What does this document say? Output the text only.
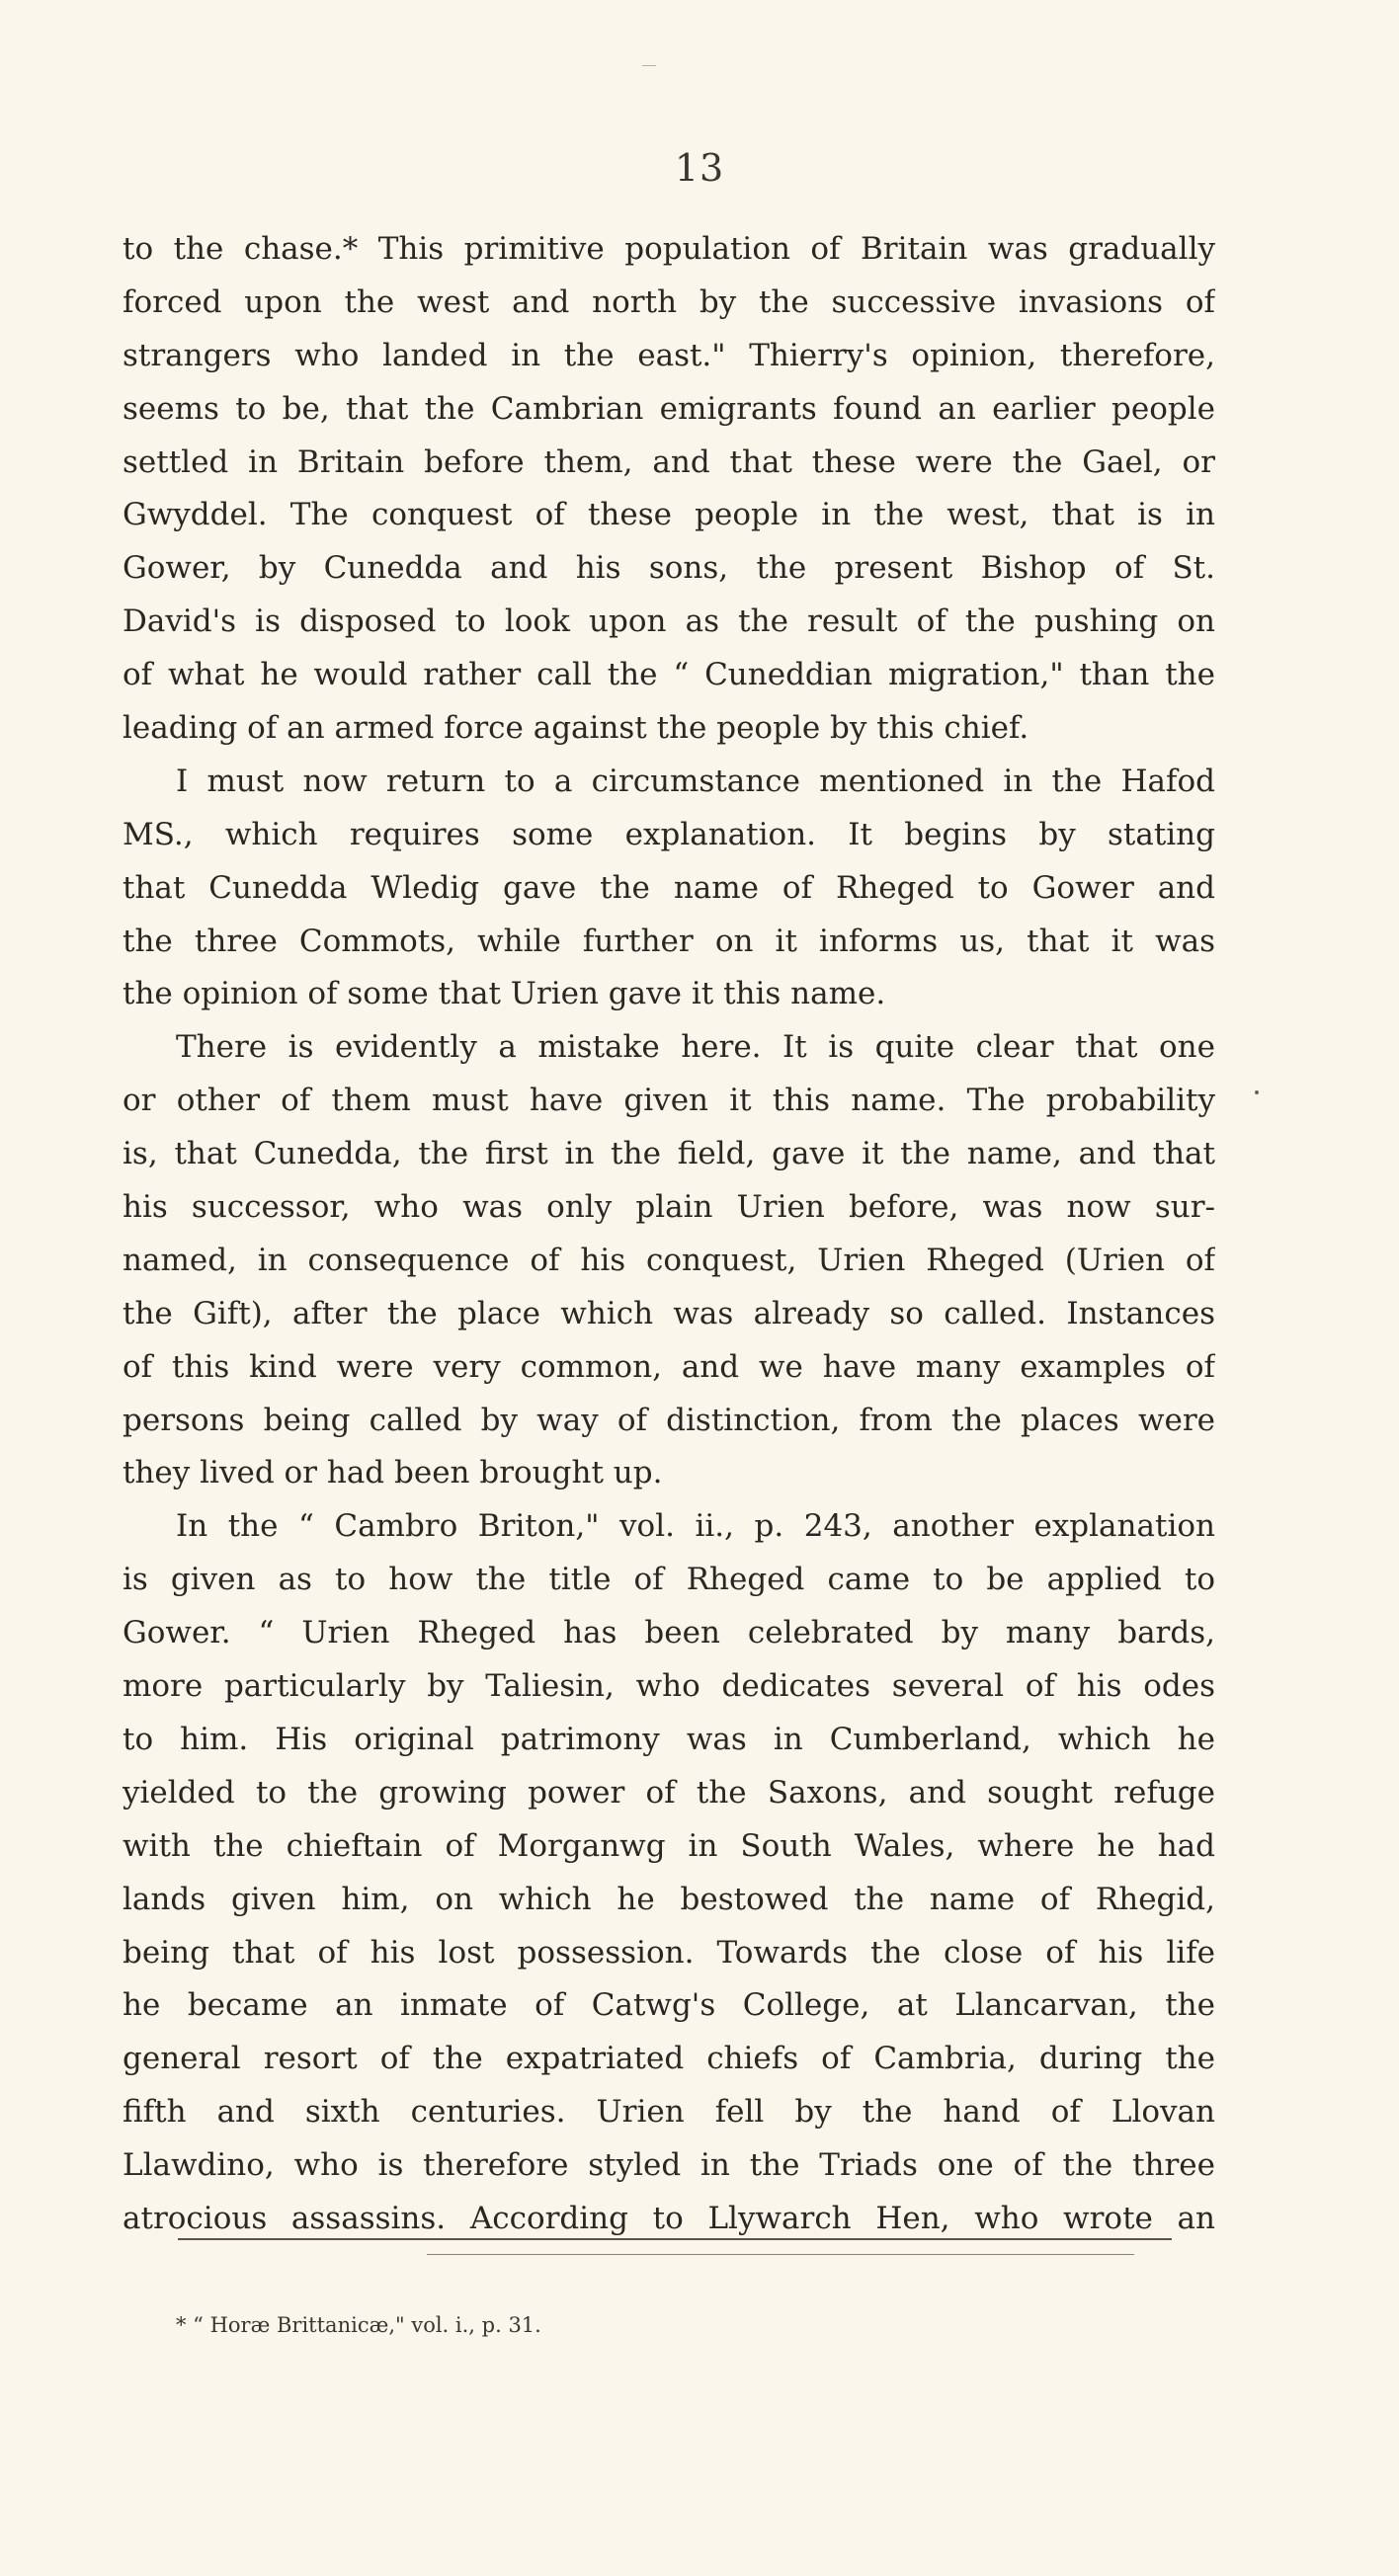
13
to the chase.* This primitive population of Britain was gradually
forced upon the west and north by the successive invasions of
strangers who landed in the east." Thierry's opinion, therefore,
seems to be, that the Cambrian emigrants found an earlier people
settled in Britain before them, and that these were the Gael, or
Gwyddel. The conquest of these people in the west, that is in
Gower, by Cunedda and his sons, the present Bishop of St.
David's is disposed to look upon as the result of the pushing on
of what he would rather call the “ Cuneddian migration," than the
leading of an armed force against the people by this chief.
I must now return to a circumstance mentioned in the Hafod
MS., which requires some explanation. It begins by stating
that Cunedda Wledig gave the name of Rheged to Gower and
the three Commots, while further on it informs us, that it was
the opinion of some that Urien gave it this name.
There is evidently a mistake here. It is quite clear that one
or other of them must have given it this name. The probability
is, that Cunedda, the first in the field, gave it the name, and that
his successor, who was only plain Urien before, was now sur-
named, in consequence of his conquest, Urien Rheged (Urien of
the Gift), after the place which was already so called. Instances
of this kind were very common, and we have many examples of
persons being called by way of distinction, from the places were
they lived or had been brought up.
In the “ Cambro Briton," vol. ii., p. 243, another explanation
is given as to how the title of Rheged came to be applied to
Gower. “ Urien Rheged has been celebrated by many bards,
more particularly by Taliesin, who dedicates several of his odes
to him. His original patrimony was in Cumberland, which he
yielded to the growing power of the Saxons, and sought refuge
with the chieftain of Morganwg in South Wales, where he had
lands given him, on which he bestowed the name of Rhegid,
being that of his lost possession. Towards the close of his life
he became an inmate of Catwg's College, at Llancarvan, the
general resort of the expatriated chiefs of Cambria, during the
fifth and sixth centuries. Urien fell by the hand of Llovan
Llawdino, who is therefore styled in the Triads one of the three
atrocious assassins. According to Llywarch Hen, who wrote an
* “ Horæ Brittanicæ," vol. i., p. 31.
